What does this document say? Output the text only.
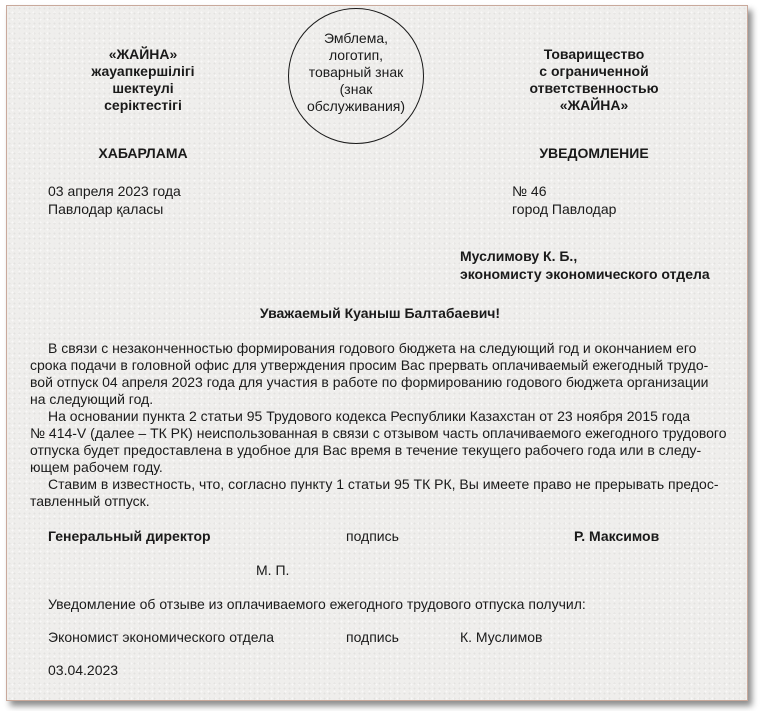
Эмблема,
логотип,
товарный знак
(знак
обслуживания)
«ЖАЙНА»
жауапкершілігі
шектеулі
серіктестігі
Товарищество
с ограниченной
ответственностью
«ЖАЙНА»
ХАБАРЛАМА	УВЕДОМЛЕНИЕ
03 апреля 2023 года
Павлодар қаласы
№ 46
город Павлодар
Муслимову К. Б.,
экономисту экономического отдела
Уважаемый Куаныш Балтабаевич!
В связи с незаконченностью формирования годового бюджета на следующий год и окончанием его
срока подачи в головной офис для утверждения просим Вас прервать оплачиваемый ежегодный трудо-
вой отпуск 04 апреля 2023 года для участия в работе по формированию годового бюджета организации
на следующий год.
На основании пункта 2 статьи 95 Трудового кодекса Республики Казахстан от 23 ноября 2015 года
№ 414-V (далее – ТК РК) неиспользованная в связи с отзывом часть оплачиваемого ежегодного трудового
отпуска будет предоставлена в удобное для Вас время в течение текущего рабочего года или в следу-
ющем рабочем году.
Ставим в известность, что, согласно пункту 1 статьи 95 ТК РК, Вы имеете право не прерывать предос-
тавленный отпуск.
Генеральный директор	подпись	Р. Максимов
М. П.
Уведомление об отзыве из оплачиваемого ежегодного трудового отпуска получил:
Экономист экономического отдела	подпись	К. Муслимов
03.04.2023
